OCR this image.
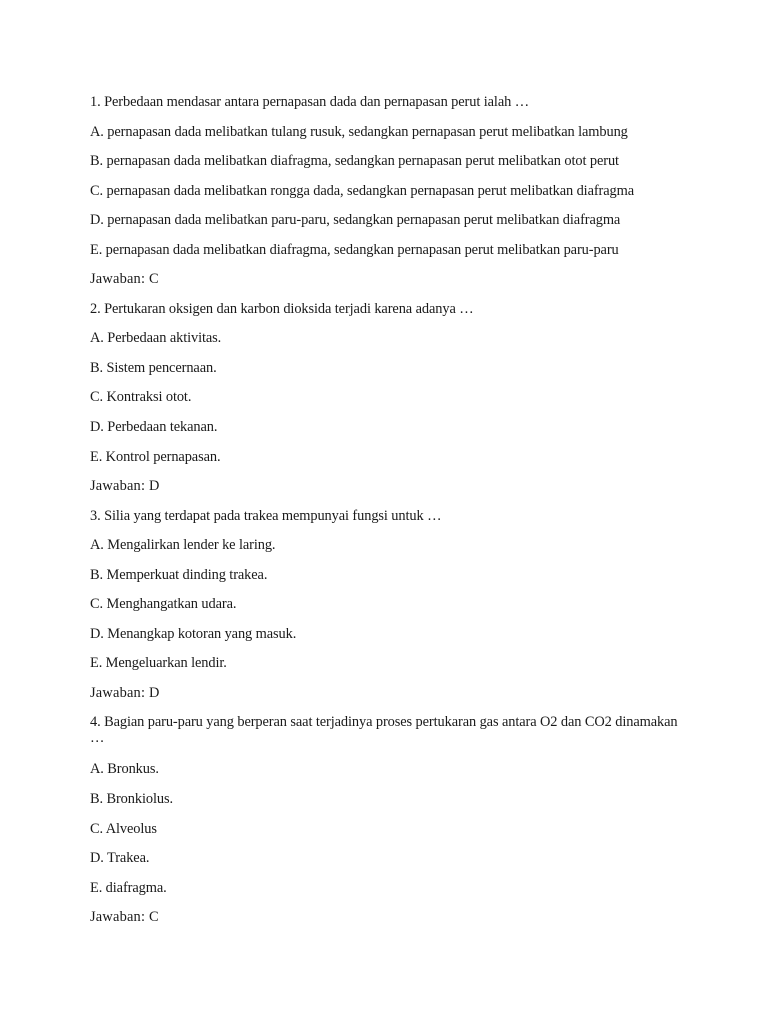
1. Perbedaan mendasar antara pernapasan dada dan pernapasan perut ialah …
A. pernapasan dada melibatkan tulang rusuk, sedangkan pernapasan perut melibatkan lambung
B. pernapasan dada melibatkan diafragma, sedangkan pernapasan perut melibatkan otot perut
C. pernapasan dada melibatkan rongga dada, sedangkan pernapasan perut melibatkan diafragma
D. pernapasan dada melibatkan paru-paru, sedangkan pernapasan perut melibatkan diafragma
E. pernapasan dada melibatkan diafragma, sedangkan pernapasan perut melibatkan paru-paru
Jawaban: C
2. Pertukaran oksigen dan karbon dioksida terjadi karena adanya …
A. Perbedaan aktivitas.
B. Sistem pencernaan.
C. Kontraksi otot.
D. Perbedaan tekanan.
E. Kontrol pernapasan.
Jawaban: D
3. Silia yang terdapat pada trakea mempunyai fungsi untuk …
A. Mengalirkan lender ke laring.
B. Memperkuat dinding trakea.
C. Menghangatkan udara.
D. Menangkap kotoran yang masuk.
E. Mengeluarkan lendir.
Jawaban: D
4. Bagian paru-paru yang berperan saat terjadinya proses pertukaran gas antara O2 dan CO2 dinamakan …
A. Bronkus.
B. Bronkiolus.
C. Alveolus
D. Trakea.
E. diafragma.
Jawaban: C
